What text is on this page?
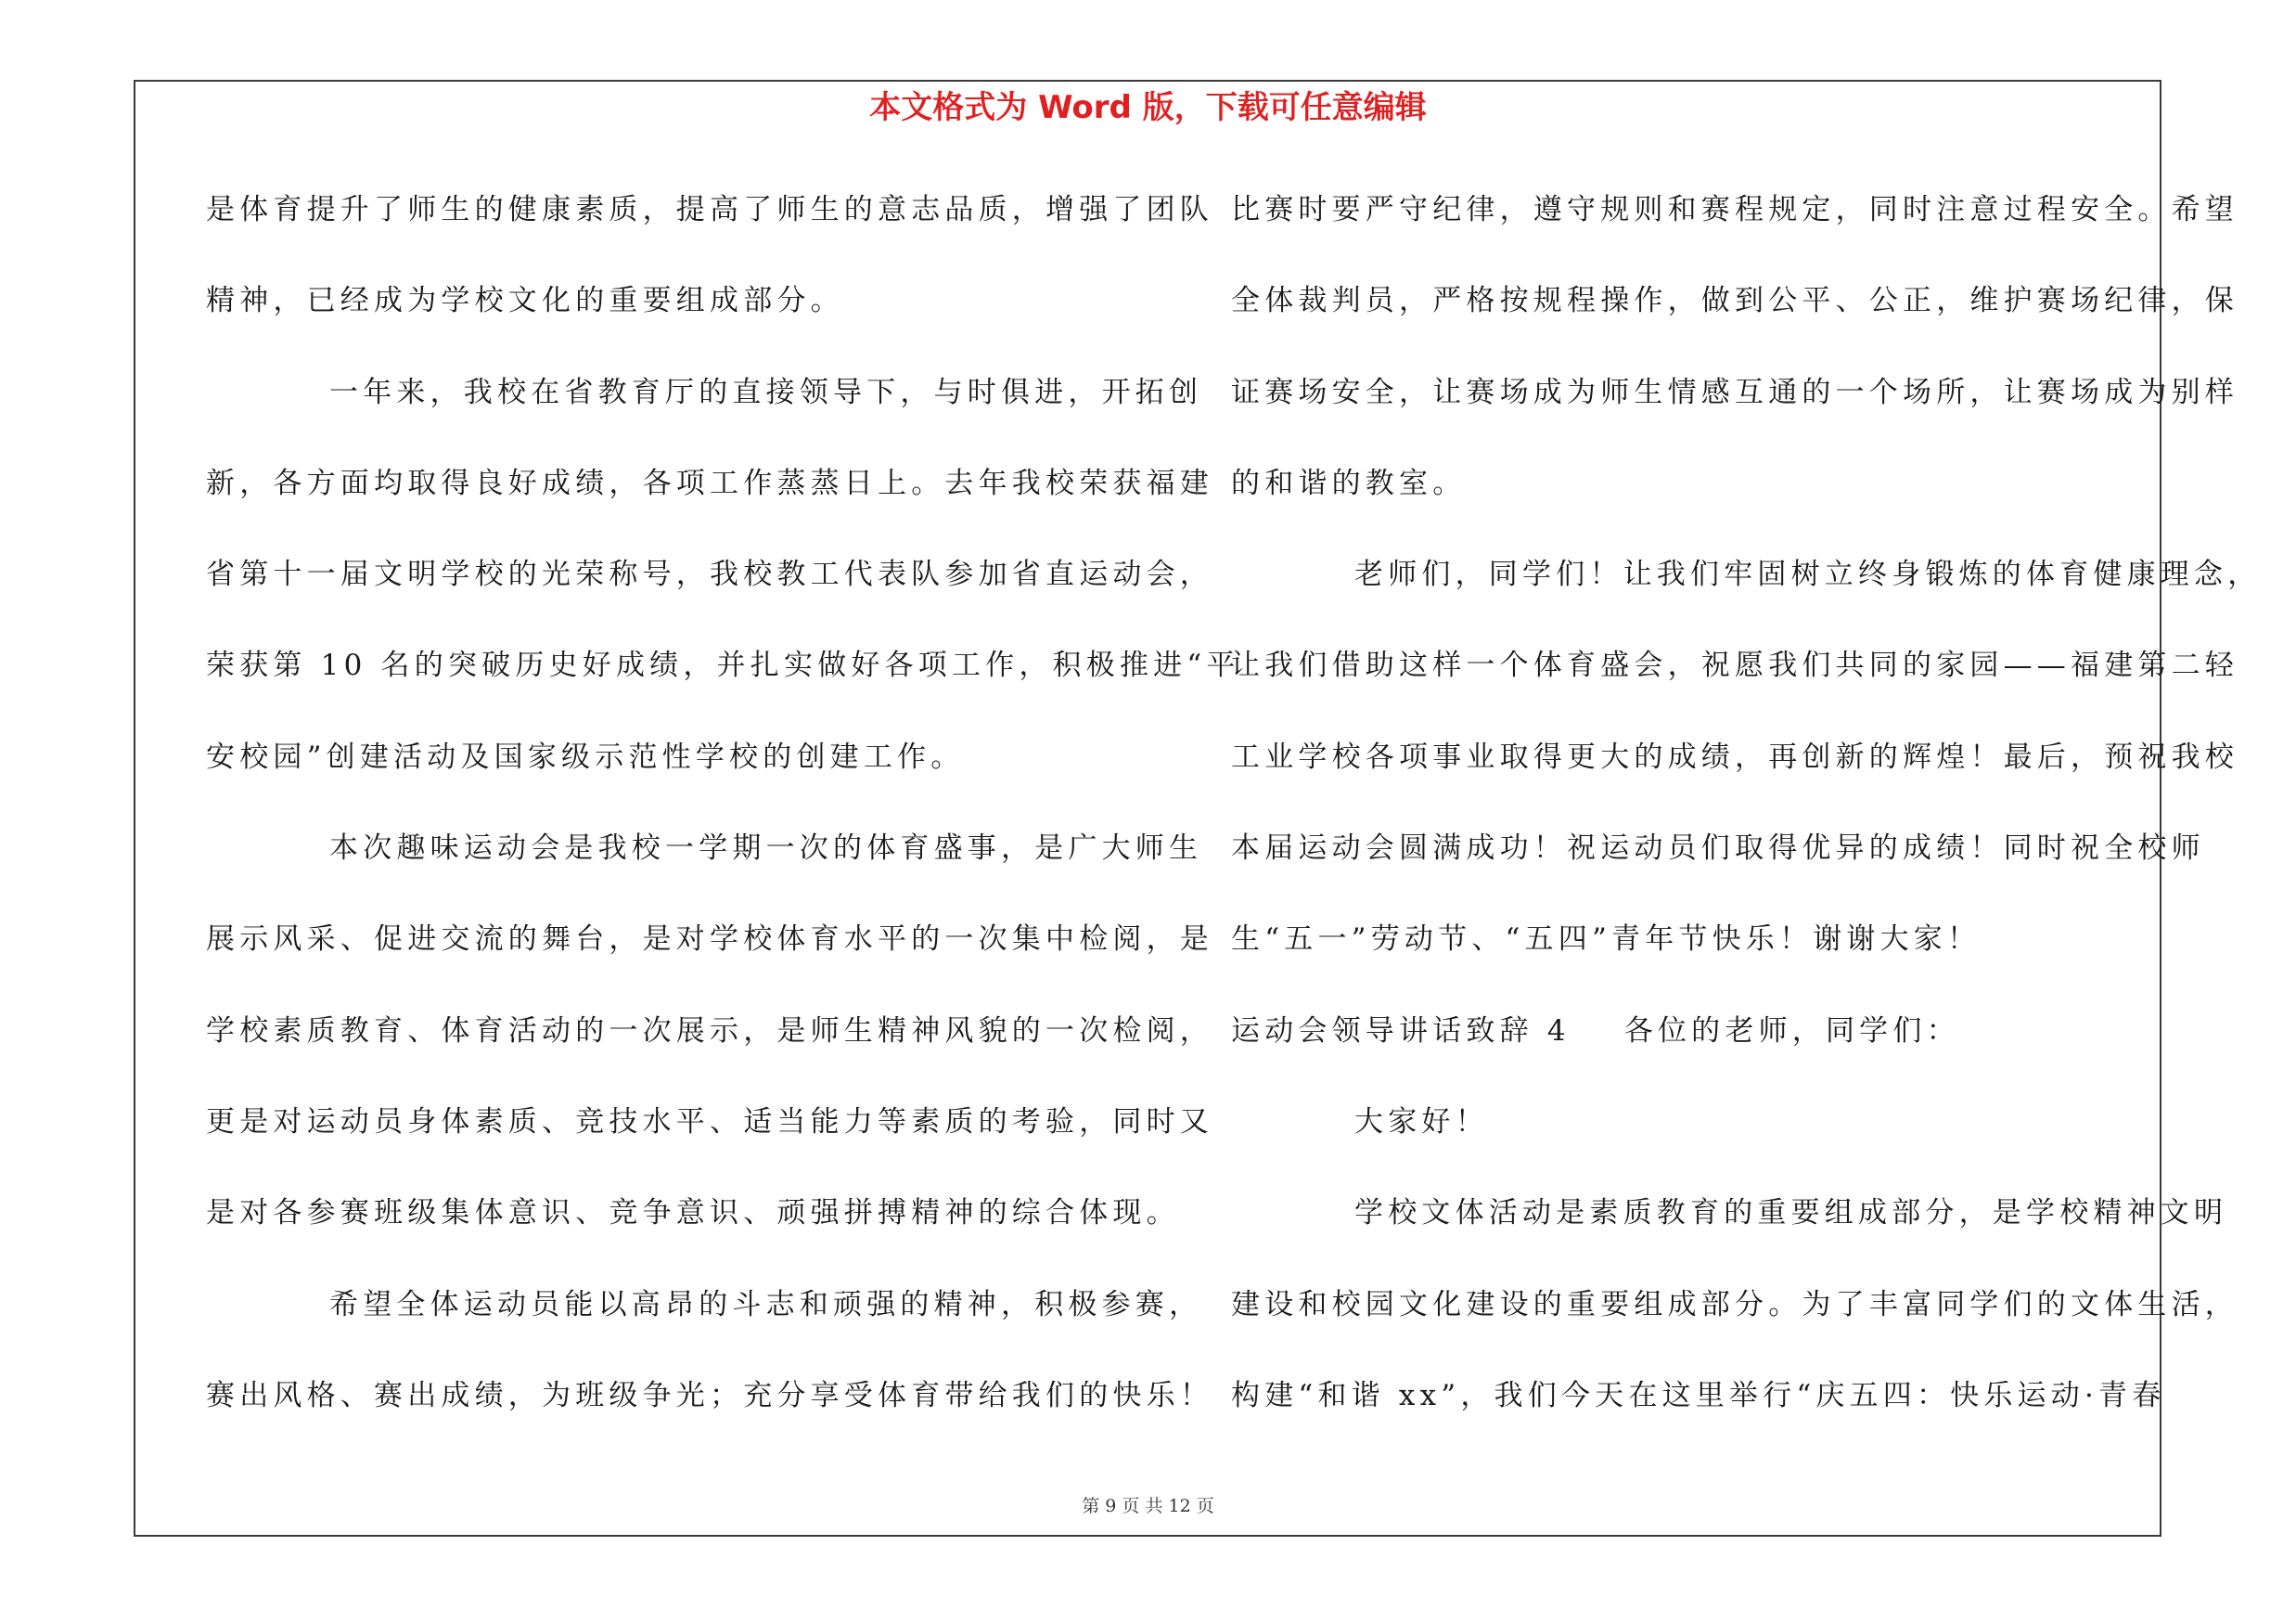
本文格式为 Word 版，下载可任意编辑
是体育提升了师生的健康素质，提高了师生的意志品质，增强了团队
精神，已经成为学校文化的重要组成部分。
一年来，我校在省教育厅的直接领导下，与时俱进，开拓创
新，各方面均取得良好成绩，各项工作蒸蒸日上。去年我校荣获福建
省第十一届文明学校的光荣称号，我校教工代表队参加省直运动会，
荣获第 10 名的突破历史好成绩，并扎实做好各项工作，积极推进“平
安校园”创建活动及国家级示范性学校的创建工作。
本次趣味运动会是我校一学期一次的体育盛事，是广大师生
展示风采、促进交流的舞台，是对学校体育水平的一次集中检阅，是
学校素质教育、体育活动的一次展示，是师生精神风貌的一次检阅，
更是对运动员身体素质、竞技水平、适当能力等素质的考验，同时又
是对各参赛班级集体意识、竞争意识、顽强拼搏精神的综合体现。
希望全体运动员能以高昂的斗志和顽强的精神，积极参赛，
赛出风格、赛出成绩，为班级争光；充分享受体育带给我们的快乐！
比赛时要严守纪律，遵守规则和赛程规定，同时注意过程安全。希望
全体裁判员，严格按规程操作，做到公平、公正，维护赛场纪律，保
证赛场安全，让赛场成为师生情感互通的一个场所，让赛场成为别样
的和谐的教室。
老师们，同学们！让我们牢固树立终身锻炼的体育健康理念，
让我们借助这样一个体育盛会，祝愿我们共同的家园——福建第二轻
工业学校各项事业取得更大的成绩，再创新的辉煌！最后，预祝我校
本届运动会圆满成功！祝运动员们取得优异的成绩！同时祝全校师
生“五一”劳动节、“五四”青年节快乐！谢谢大家！
运动会领导讲话致辞 4 各位的老师，同学们：
大家好！
学校文体活动是素质教育的重要组成部分，是学校精神文明
建设和校园文化建设的重要组成部分。为了丰富同学们的文体生活，
构建“和谐 xx”，我们今天在这里举行“庆五四：快乐运动·青春
第 9 页 共 12 页
